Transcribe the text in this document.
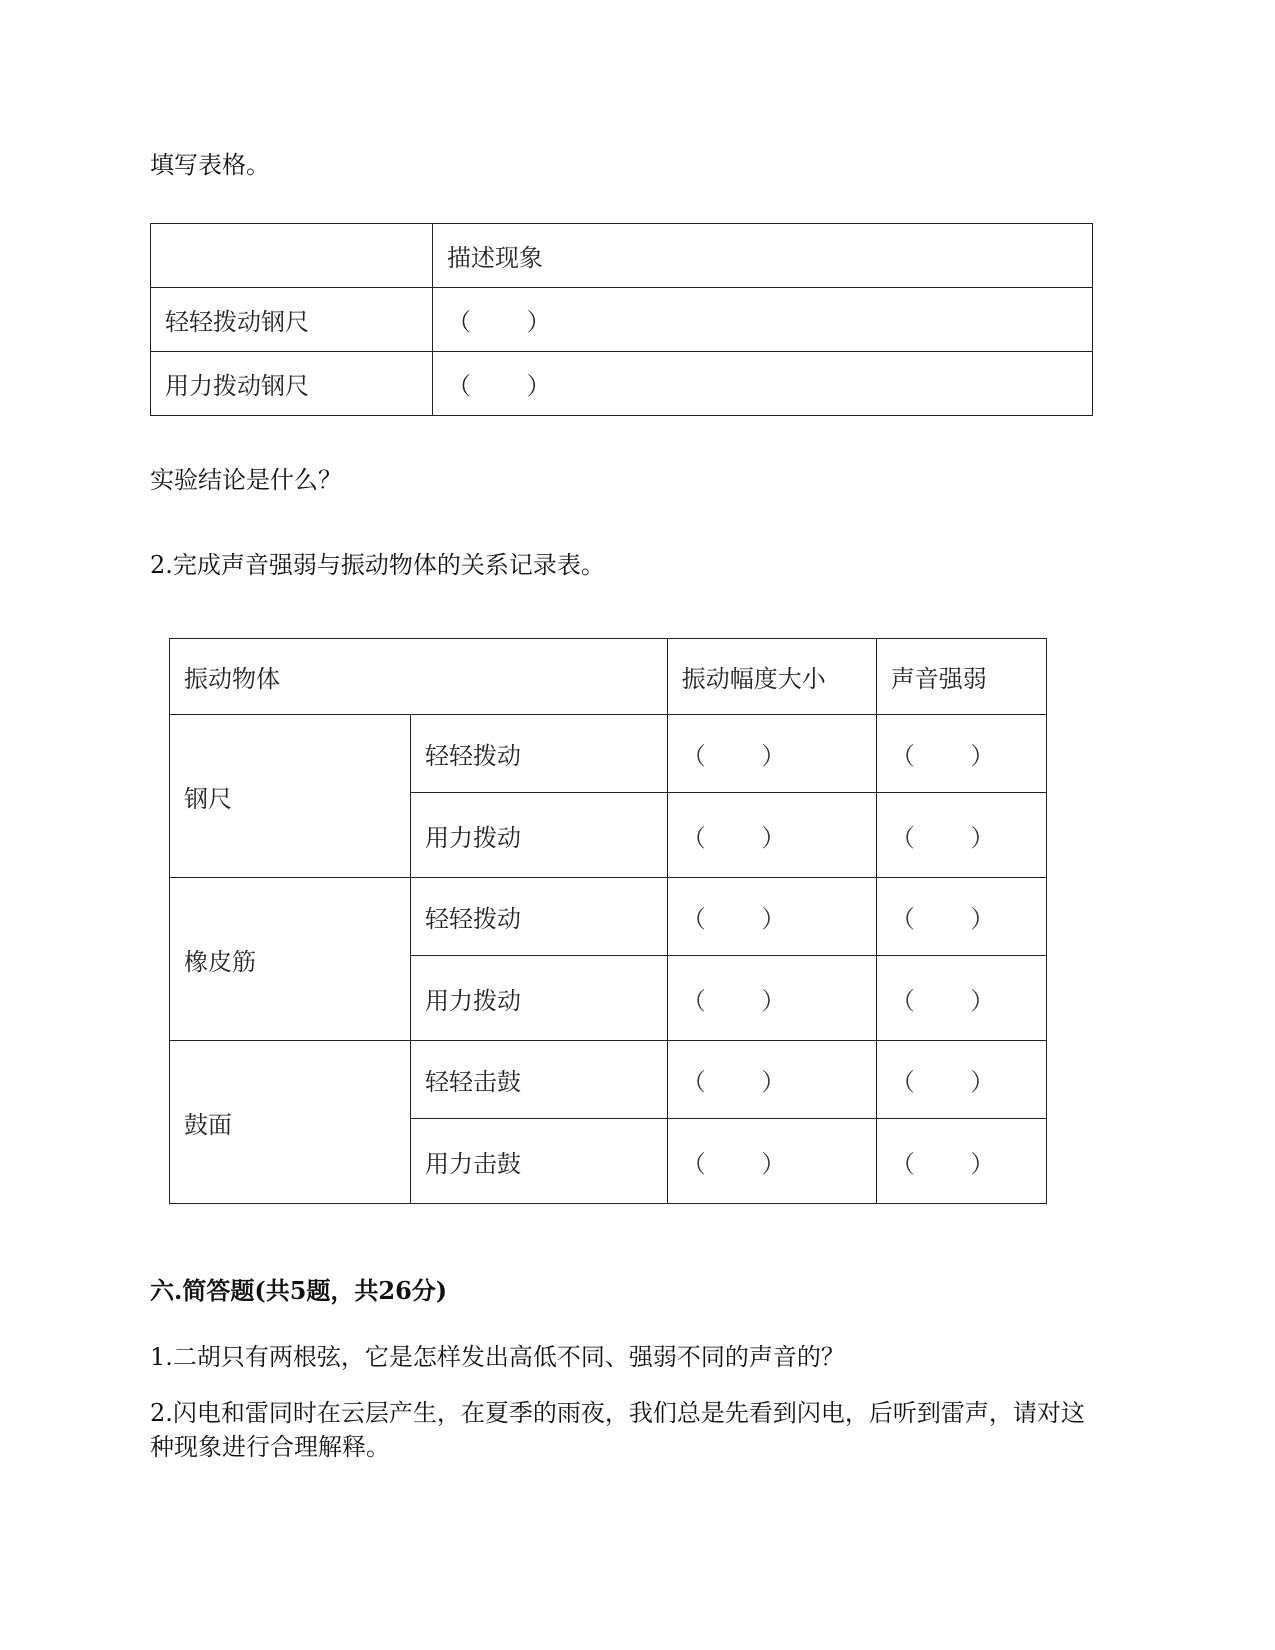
填写表格。
	描述现象
轻轻拨动钢尺	（　　 ）
用力拨动钢尺	（　　 ）
实验结论是什么？
2.完成声音强弱与振动物体的关系记录表。
振动物体		振动幅度大小	声音强弱
钢尺	轻轻拨动	（　　 ）	（　　 ）
	用力拨动	（　　 ）	（　　 ）
橡皮筋	轻轻拨动	（　　 ）	（　　 ）
	用力拨动	（　　 ）	（　　 ）
鼓面	轻轻击鼓	（　　 ）	（　　 ）
	用力击鼓	（　　 ）	（　　 ）
六.简答题(共5题，共26分)
1.二胡只有两根弦，它是怎样发出高低不同、强弱不同的声音的？
2.闪电和雷同时在云层产生，在夏季的雨夜，我们总是先看到闪电，后听到雷声，请对这
种现象进行合理解释。
